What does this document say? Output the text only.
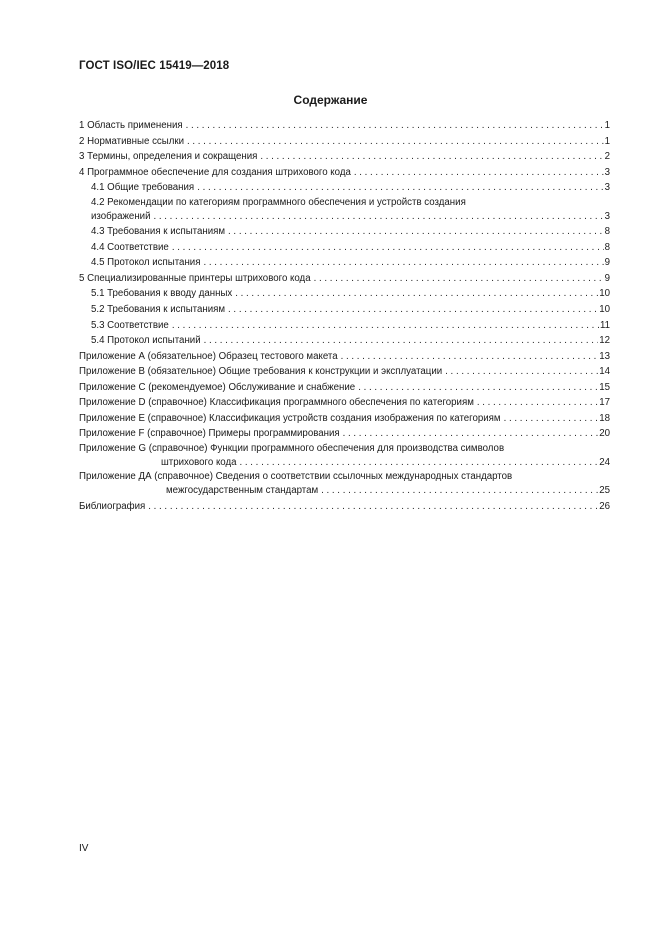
ГОСТ ISO/IEC 15419—2018
Содержание
1 Область применения . . .	1
2 Нормативные ссылки . . .	1
3 Термины, определения и сокращения . . .	2
4 Программное обеспечение для создания штрихового кода . . .	3
4.1 Общие требования . . .	3
4.2 Рекомендации по категориям программного обеспечения и устройств создания
изображений . . .	3
4.3 Требования к испытаниям . . .	8
4.4 Соответствие . . .	8
4.5 Протокол испытания . . .	9
5 Специализированные принтеры штрихового кода . . .	9
5.1 Требования к вводу данных . . .	10
5.2 Требования к испытаниям . . .	10
5.3 Соответствие . . .	11
5.4 Протокол испытаний . . .	12
Приложение А (обязательное) Образец тестового макета . . .	13
Приложение В (обязательное) Общие требования к конструкции и эксплуатации . . .	14
Приложение С (рекомендуемое) Обслуживание и снабжение . . .	15
Приложение D (справочное) Классификация программного обеспечения по категориям . . .	17
Приложение Е (справочное) Классификация устройств создания изображения по категориям . . .	18
Приложение F (справочное) Примеры программирования . . .	20
Приложение G (справочное) Функции программного обеспечения для производства символов
штрихового кода . . .	24
Приложение ДА (справочное) Сведения о соответствии ссылочных международных стандартов
межгосударственным стандартам . . .	25
Библиография . . .	26
IV
